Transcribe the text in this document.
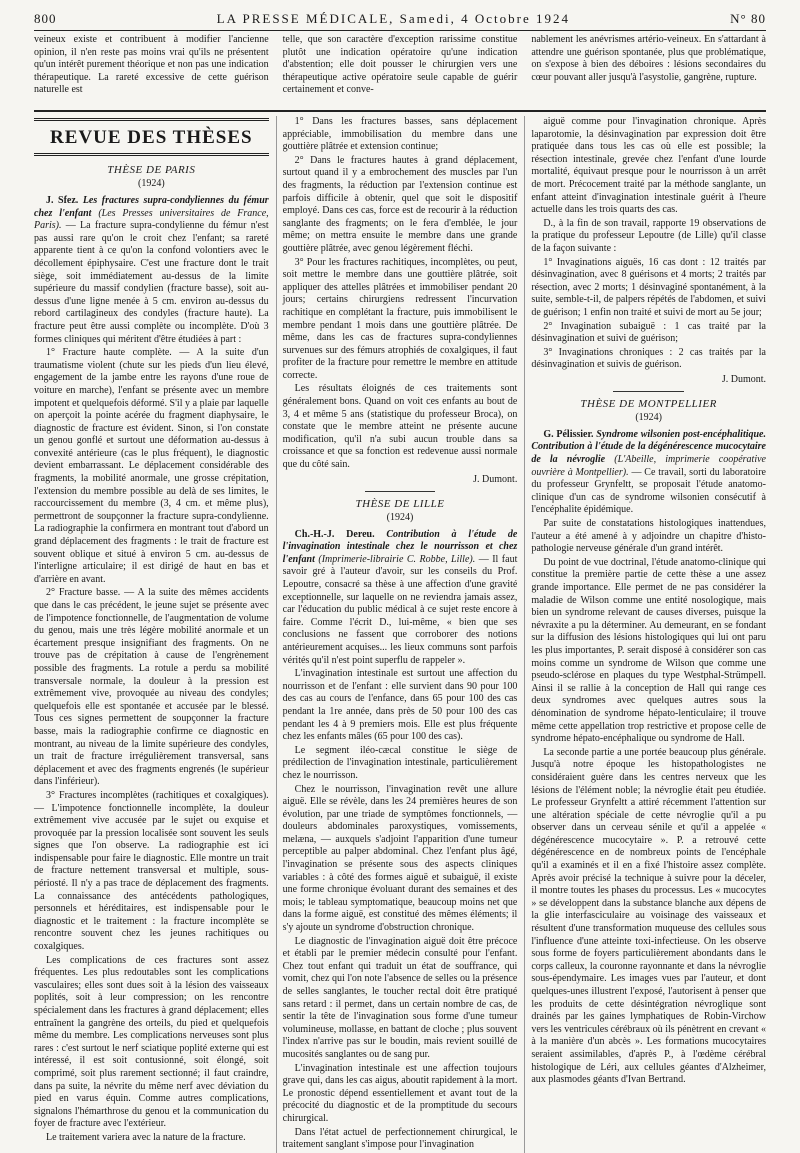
800	LA PRESSE MÉDICALE, Samedi, 4 Octobre 1924	N° 80

veineux existe et contribuent à modifier l'ancienne opinion, il n'en reste pas moins vrai qu'ils ne présentent qu'un intérêt purement théorique et non pas une indication thérapeutique. La rareté excessive de cette guérison naturelle est

telle, que son caractère d'exception rarissime constitue plutôt une indication opératoire qu'une indication d'abstention; elle doit pousser le chirurgien vers une thérapeutique active opératoire seule capable de guérir certainement et conve-

nablement les anévrismes artério-veineux. En s'attardant à attendre une guérison spontanée, plus que problématique, on s'expose à bien des déboires : lésions secondaires du cœur pouvant aller jusqu'à l'asystolie, gangrène, rupture.

REVUE DES THÈSES
THÈSE DE PARIS
(1924)

J. Sfez. Les fractures supra-condyliennes du fémur chez l'enfant (Les Presses universitaires de France, Paris). — La fracture supra-condylienne du fémur n'est pas aussi rare qu'on le croit chez l'enfant; sa rareté apparente tient à ce qu'on la confond volontiers avec le décollement épiphysaire. C'est une fracture dont le trait siège, soit immédiatement au-dessus de la limite supérieure du massif condylien (fracture basse), soit au-dessus d'une ligne menée à 5 cm. environ au-dessus du rebord cartilagineux des condyles (fracture haute). La fracture peut être aussi complète ou incomplète. D'où 3 formes cliniques qui méritent d'être étudiées à part :

1° Fracture haute complète. — A la suite d'un traumatisme violent (chute sur les pieds d'un lieu élevé, engagement de la jambe entre les rayons d'une roue de voiture en marche), l'enfant se présente avec un membre impotent et quelquefois déformé. S'il y a plaie par laquelle on aperçoit la pointe acérée du fragment diaphysaire, le diagnostic de fracture est évident. Sinon, si l'on constate un genou gonflé et surtout une déformation au-dessus à convexité antérieure (cas le plus fréquent), le diagnostic devient embarrassant. Le déplacement considérable des fragments, la mobilité anormale, une grosse crépitation, l'extension du membre possible au delà de ses limites, le raccourcissement du membre (3, 4 cm. et même plus), permettront de soupçonner la fracture supra-condylienne. La radiographie la confirmera en montrant tout d'abord un grand déplacement des fragments : le trait de fracture est souvent oblique et situé à environ 5 cm. au-dessus de l'interligne articulaire; il est dirigé de haut en bas et d'arrière en avant.

2° Fracture basse. — A la suite des mêmes accidents que dans le cas précédent, le jeune sujet se présente avec de l'impotence fonctionnelle, de l'augmentation de volume du genou, mais une très légère mobilité anormale et un écartement presque insignifiant des fragments. On ne trouve pas de crépitation à cause de l'engrènement possible des fragments. La rotule a perdu sa mobilité transversale normale, la douleur à la pression est extrêmement vive, provoquée au niveau des condyles; quelquefois elle est spontanée et accusée par le blessé. Tous ces signes permettent de soupçonner la fracture basse, mais la radiographie confirme ce diagnostic en montrant, au niveau de la limite supérieure des condyles, un trait de fracture irrégulièrement transversal, sans déplacement et avec des fragments engrenés (le supérieur dans l'inférieur).

3° Fractures incomplètes (rachitiques et coxalgiques). — L'impotence fonctionnelle incomplète, la douleur extrêmement vive accusée par le sujet ou exquise et provoquée par la pression localisée sont souvent les seuls signes que l'on observe. La radiographie est ici indispensable pour faire le diagnostic. Elle montre un trait de fracture nettement transversal et multiple, sous-périosté. Il n'y a pas trace de déplacement des fragments. La connaissance des antécédents pathologiques, personnels et héréditaires, est indispensable pour le diagnostic et le traitement : la fracture incomplète se rencontre souvent chez les jeunes rachitiques ou coxalgiques.

Les complications de ces fractures sont assez fréquentes. Les plus redoutables sont les complications vasculaires; elles sont dues soit à la lésion des vaisseaux poplités, soit à leur compression; on les rencontre spécialement dans les fractures à grand déplacement; elles entraînent la gangrène des orteils, du pied et quelquefois même du membre. Les complications nerveuses sont plus rares : c'est surtout le nerf sciatique poplité externe qui est intéressé, il est soit contusionné, soit élongé, soit comprimé, soit plus rarement sectionné; il faut craindre, dans pa suite, la névrite du même nerf avec déviation du pied en varus équin. Comme autres complications, signalons l'hémarthrose du genou et la communication du foyer de fracture avec l'extérieur.

Le traitement variera avec la nature de la fracture.

1° Dans les fractures basses, sans déplacement appréciable, immobilisation du membre dans une gouttière plâtrée et extension continue;

2° Dans le fractures hautes à grand déplacement, surtout quand il y a embrochement des muscles par l'un des fragments, la réduction par l'extension continue est parfois difficile à obtenir, quel que soit le dispositif employé. Dans ces cas, force est de recourir à la réduction sanglante des fragments; on le fera d'emblée, le jour même; on mettra ensuite le membre dans une grande gouttière plâtrée, avec genou légèrement fléchi.

3° Pour les fractures rachitiques, incomplètes, ou peut, soit mettre le membre dans une gouttière plâtrée, soit appliquer des attelles plâtrées et immobiliser pendant 20 jours; certains chirurgiens redressent l'incurvation rachitique en complétant la fracture, puis immobilisent le membre pendant 1 mois dans une gouttière plâtrée. De même, dans les cas de fractures supra-condyliennes survenues sur des fémurs atrophiés de coxalgiques, il faut profiter de la fracture pour remettre le membre en attitude correcte.

Les résultats éloignés de ces traitements sont généralement bons. Quand on voit ces enfants au bout de 3, 4 et même 5 ans (statistique du professeur Broca), on constate que le membre atteint ne présente aucune modification, qu'il n'a subi aucun trouble dans sa croissance et que sa fonction est redevenue aussi normale que du côté sain.

J. Dumont.
THÈSE DE LILLE
(1924)

Ch.-H.-J. Dereu. Contribution à l'étude de l'invagination intestinale chez le nourrisson et chez l'enfant (Imprimerie-librairie C. Robbe, Lille). — Il faut savoir gré à l'auteur d'avoir, sur les conseils du Prof. Lepoutre, consacré sa thèse à une affection d'une gravité exceptionnelle, sur laquelle on ne reviendra jamais assez, car l'éducation du public médical à ce sujet reste encore à faire. Comme l'écrit D., lui-même, « bien que ses conclusions ne fassent que corroborer des notions antérieurement acquises... les lieux communs sont parfois vérités qu'il n'est point superflu de rappeler ».

L'invagination intestinale est surtout une affection du nourrisson et de l'enfant : elle survient dans 90 pour 100 des cas au cours de l'enfance, dans 65 pour 100 des cas pendant la 1re année, dans près de 50 pour 100 des cas pendant les 4 à 9 premiers mois. Elle est plus fréquente chez les enfants mâles (65 pour 100 des cas).

Le segment iléo-cæcal constitue le siège de prédilection de l'invagination intestinale, particulièrement chez le nourrisson.

Chez le nourrisson, l'invagination revêt une allure aiguë. Elle se révèle, dans les 24 premières heures de son évolution, par une triade de symptômes fonctionnels, — douleurs abdominales paroxystiques, vomissements, melæna, — auxquels s'adjoint l'apparition d'une tumeur perceptible au palper abdominal. Chez l'enfant plus âgé, l'invagination se présente sous des aspects cliniques variables : à côté des formes aiguë et subaiguë, il existe une forme chronique évoluant durant des semaines et des mois; le tableau symptomatique, beaucoup moins net que dans la forme aiguë, est constitué des mêmes éléments; il s'y ajoute un syndrome d'obstruction chronique.

Le diagnostic de l'invagination aiguë doit être précoce et établi par le premier médecin consulté pour l'enfant. Chez tout enfant qui traduit un état de souffrance, qui vomit, chez qui l'on note l'absence de selles ou la présence de selles sanglantes, le toucher rectal doit être pratiqué sans retard : il permet, dans un certain nombre de cas, de sentir la tête de l'invagination sous forme d'une tumeur volumineuse, mollasse, en battant de cloche ; plus souvent l'index n'arrive pas sur le boudin, mais revient souillé de mucosités sanglantes ou de sang pur.

L'invagination intestinale est une affection toujours grave qui, dans les cas aigus, aboutit rapidement à la mort. Le pronostic dépend essentiellement et avant tout de la précocité du diagnostic et de la promptitude du secours chirurgical.

Dans l'état actuel de perfectionnement chirurgical, le traitement sanglant s'impose pour l'invagination

aiguë comme pour l'invagination chronique. Après laparotomie, la désinvagination par expression doit être pratiquée dans tous les cas où elle est possible; la résection intestinale, grevée chez l'enfant d'une lourde mortalité, équivaut presque pour le nourrisson à un arrêt de mort. Précocement traité par la méthode sanglante, un enfant atteint d'invagination intestinale guérit à l'heure actuelle dans les trois quarts des cas.

D., à la fin de son travail, rapporte 19 observations de la pratique du professeur Lepoutre (de Lille) qu'il classe de la façon suivante :

1° Invaginations aiguës, 16 cas dont : 12 traités par désinvagination, avec 8 guérisons et 4 morts; 2 traités par résection, avec 2 morts; 1 désinvaginé spontanément, à la suite, semble-t-il, de palpers répétés de l'abdomen, et suivi de guérison; 1 enfin non traité et suivi de mort au 5e jour;

2° Invagination subaiguë : 1 cas traité par la désinvagination et suivi de guérison;

3° Invaginations chroniques : 2 cas traités par la désinvagination et suivis de guérison.

J. Dumont.
THÈSE DE MONTPELLIER
(1924)

G. Pélissier. Syndrome wilsonien post-encéphalitique. Contribution à l'étude de la dégénérescence mucocytaire de la névroglie (L'Abeille, imprimerie coopérative ouvrière à Montpellier). — Ce travail, sorti du laboratoire du professeur Grynfeltt, se proposait l'étude anatomo-clinique d'un cas de syndrome wilsonien consécutif à l'encéphalite épidémique.

Par suite de constatations histologiques inattendues, l'auteur a été amené à y adjoindre un chapitre d'histo-pathologie nerveuse générale d'un grand intérêt.

Du point de vue doctrinal, l'étude anatomo-clinique qui constitue la première partie de cette thèse a une assez grande importance. Elle permet de ne pas considérer la maladie de Wilson comme une entité nosologique, mais bien un syndrome relevant de causes diverses, puisque la névraxite a pu la déterminer. Au demeurant, en se fondant sur la diffusion des lésions histologiques qui lui ont paru les plus importantes, P. serait disposé à considérer son cas moins comme un syndrome de Wilson que comme une pseudo-sclérose en plaques du type Westphal-Strümpell. Ainsi il se rallie à la conception de Hall qui range ces deux syndromes avec quelques autres sous la dénomination de syndrome hépato-lenticulaire; il trouve même cette appellation trop restrictive et propose celle de syndrome hépato-encéphalique ou syndrome de Hall.

La seconde partie a une portée beaucoup plus générale. Jusqu'à notre époque les histopathologistes ne considéraient guère dans les centres nerveux que les lésions de l'élément noble; la névroglie était peu étudiée. Le professeur Grynfeltt a attiré récemment l'attention sur une altération spéciale de cette névroglie qu'il a pu observer dans un cerveau sénile et qu'il a appelée « dégénérescence mucocytaire ». P. a retrouvé cette dégénérescence en de nombreux points de l'encéphale qu'il a examinés et il en a fixé l'histoire assez complète. Après avoir précisé la technique à suivre pour la déceler, il montre toutes les phases du processus. Les « mucocytes » se développent dans la substance blanche aux dépens de la glie interfasciculaire au voisinage des vaisseaux et résultent d'une transformation muqueuse des cellules sous l'influence d'une atteinte toxi-infectieuse. On les observe sous forme de foyers particulièrement abondants dans le corps calleux, la couronne rayonnante et dans la névroglie sous-épendymaire. Les images vues par l'auteur, et dont quelques-unes illustrent l'exposé, l'autorisent à penser que les produits de cette désintégration névroglique sont drainés par les gaines lymphatiques de Robin-Virchow vers les ventricules cérébraux où ils pénètrent en crevant « à la manière d'un abcès ». Les formations mucocytaires seraient assimilables, d'après P., à l'œdème cérébral histologique de Léri, aux cellules géantes d'Alzheimer, aux plasmodes géants d'Ivan Bertrand.
